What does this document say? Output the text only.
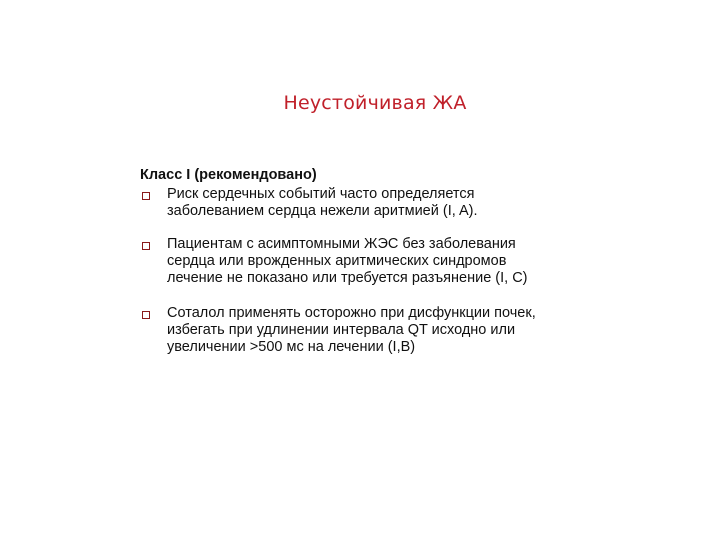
Неустойчивая ЖА
Класс I (рекомендовано)
Риск сердечных событий часто определяется
заболеванием сердца нежели аритмией (I, A).
Пациентам с асимптомными ЖЭС без заболевания
сердца или врожденных аритмических синдромов
лечение не показано или требуется разъянение (I, C)
Соталол применять осторожно при дисфункции почек,
избегать при удлинении интервала QT исходно или
увеличении >500 мс на лечении (I,B)
